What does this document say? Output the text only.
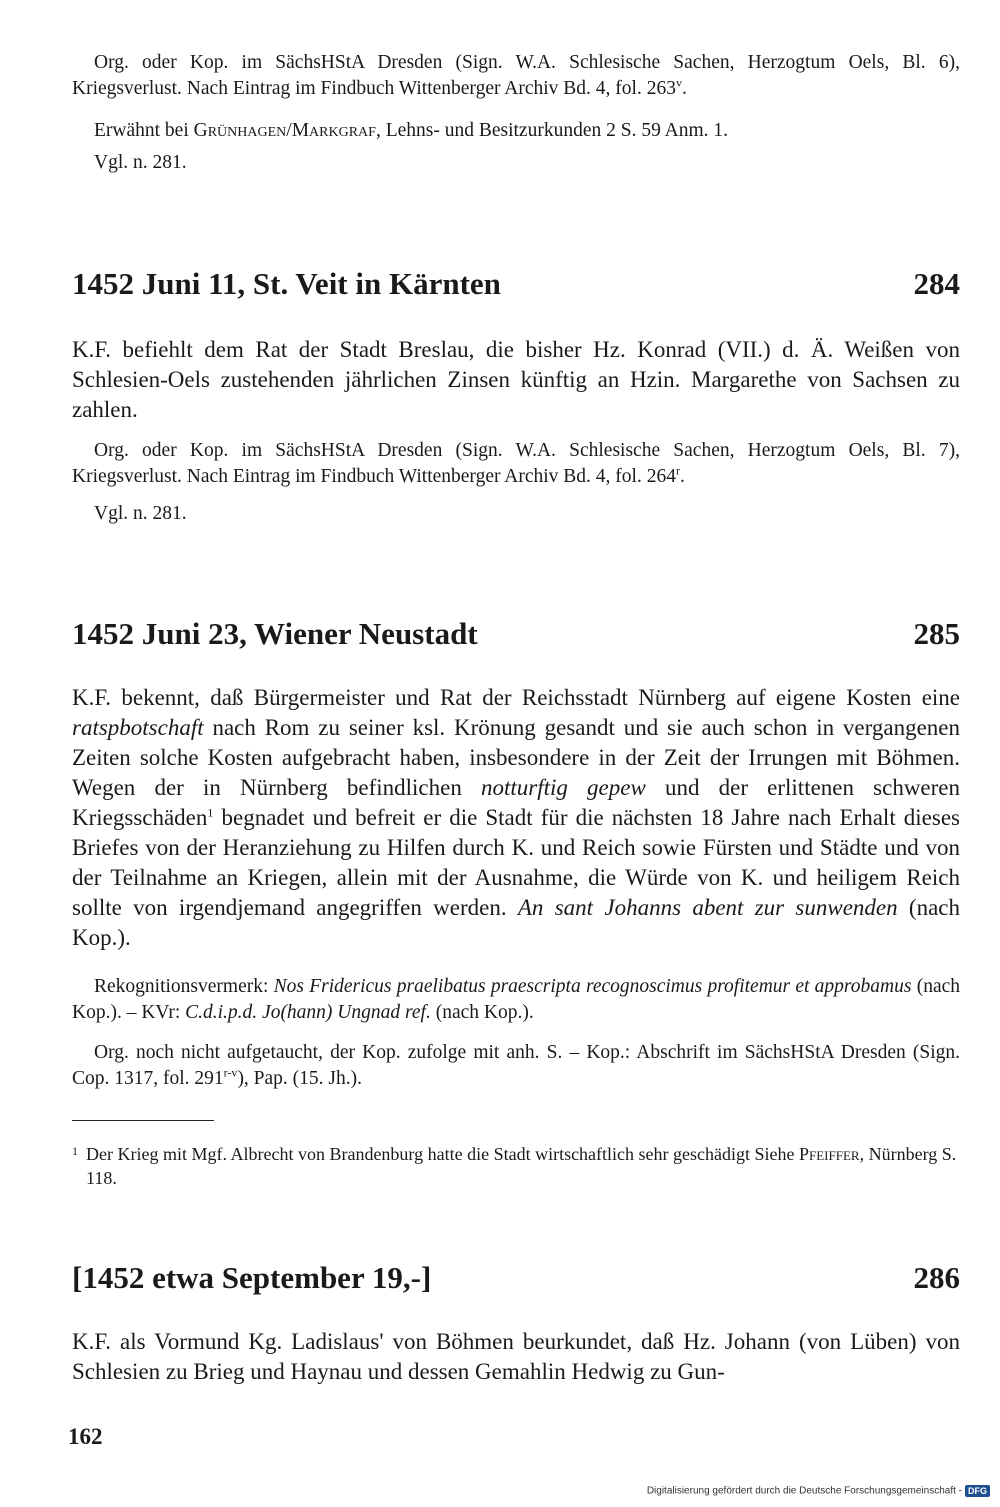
Org. oder Kop. im SächsHStA Dresden (Sign. W.A. Schlesische Sachen, Herzogtum Oels, Bl. 6), Kriegsverlust. Nach Eintrag im Findbuch Wittenberger Archiv Bd. 4, fol. 263$^v$.
Erwähnt bei Grünhagen/Markgraf, Lehns- und Besitzurkunden 2 S. 59 Anm. 1.
Vgl. n. 281.
1452 Juni 11, St. Veit in Kärnten	284
K.F. befiehlt dem Rat der Stadt Breslau, die bisher Hz. Konrad (VII.) d. Ä. Weißen von Schlesien-Oels zustehenden jährlichen Zinsen künftig an Hzin. Margarethe von Sachsen zu zahlen.
Org. oder Kop. im SächsHStA Dresden (Sign. W.A. Schlesische Sachen, Herzogtum Oels, Bl. 7), Kriegsverlust. Nach Eintrag im Findbuch Wittenberger Archiv Bd. 4, fol. 264$^r$.
Vgl. n. 281.
1452 Juni 23, Wiener Neustadt	285
K.F. bekennt, daß Bürgermeister und Rat der Reichsstadt Nürnberg auf eigene Kosten eine ratspbotschaft nach Rom zu seiner ksl. Krönung gesandt und sie auch schon in vergangenen Zeiten solche Kosten aufgebracht haben, insbesondere in der Zeit der Irrungen mit Böhmen. Wegen der in Nürnberg befindlichen notturftig gepew und der erlittenen schweren Kriegsschäden$^1$ begnadet und befreit er die Stadt für die nächsten 18 Jahre nach Erhalt dieses Briefes von der Heranziehung zu Hilfen durch K. und Reich sowie Fürsten und Städte und von der Teilnahme an Kriegen, allein mit der Ausnahme, die Würde von K. und heiligem Reich sollte von irgendjemand angegriffen werden. An sant Johanns abent zur sunwenden (nach Kop.).
Rekognitionsvermerk: Nos Fridericus praelibatus praescripta recognoscimus profitemur et approbamus (nach Kop.). – KVr: C.d.i.p.d. Jo(hann) Ungnad ref. (nach Kop.).
Org. noch nicht aufgetaucht, der Kop. zufolge mit anh. S. – Kop.: Abschrift im SächsHStA Dresden (Sign. Cop. 1317, fol. 291$^{r-v}$), Pap. (15. Jh.).
1 Der Krieg mit Mgf. Albrecht von Brandenburg hatte die Stadt wirtschaftlich sehr geschädigt Siehe Pfeiffer, Nürnberg S. 118.
[1452 etwa September 19,-]	286
K.F. als Vormund Kg. Ladislaus' von Böhmen beurkundet, daß Hz. Johann (von Lüben) von Schlesien zu Brieg und Haynau und dessen Gemahlin Hedwig zu Gun-
162
Digitalisierung gefördert durch die Deutsche Forschungsgemeinschaft - DFG
